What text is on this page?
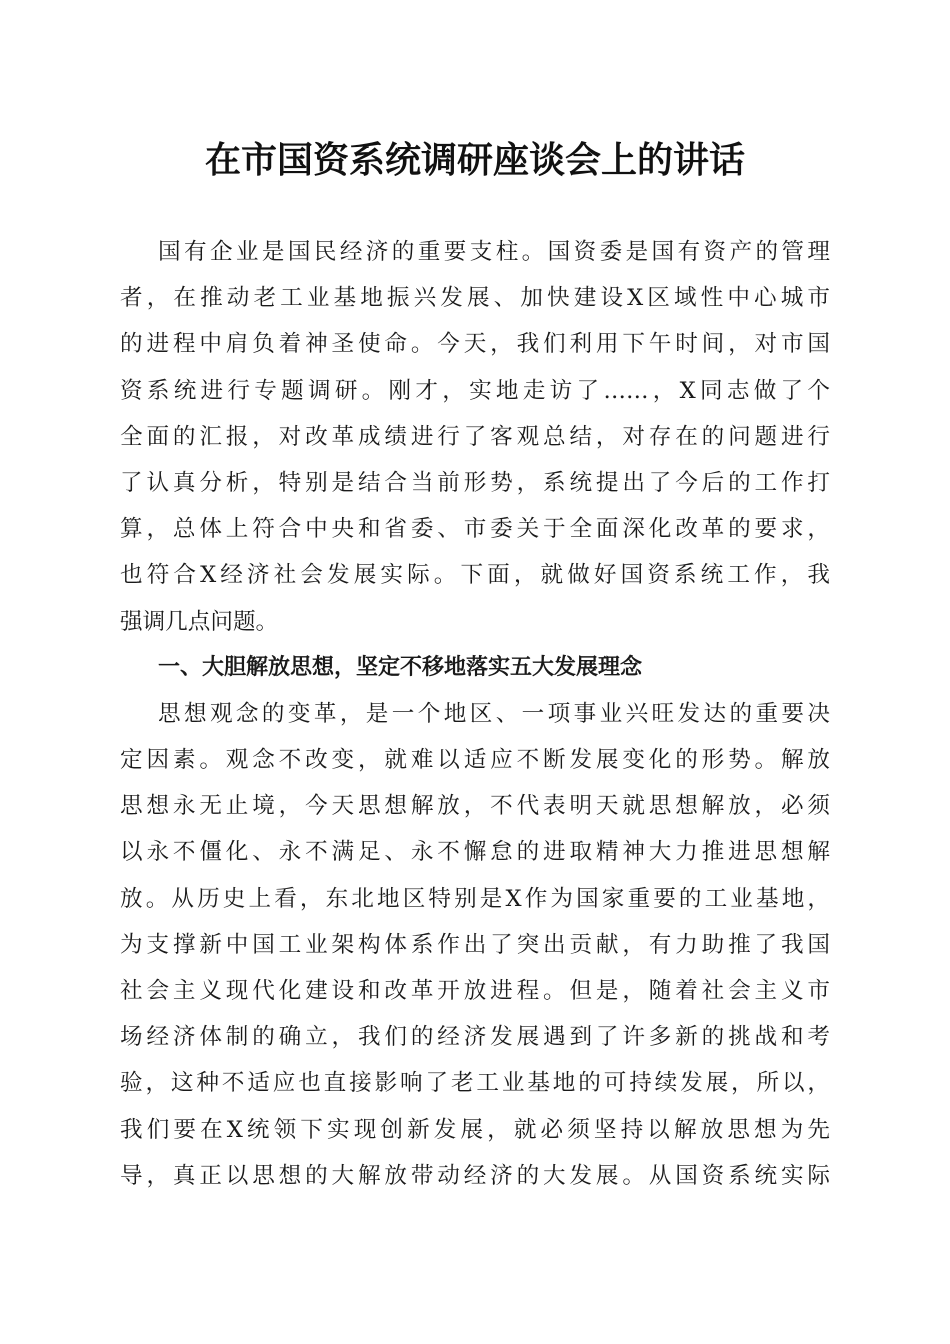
在市国资系统调研座谈会上的讲话
国有企业是国民经济的重要支柱。国资委是国有资产的管理
者，在推动老工业基地振兴发展、加快建设X区域性中心城市
的进程中肩负着神圣使命。今天，我们利用下午时间，对市国
资系统进行专题调研。刚才，实地走访了……，X同志做了个
全面的汇报，对改革成绩进行了客观总结，对存在的问题进行
了认真分析，特别是结合当前形势，系统提出了今后的工作打
算，总体上符合中央和省委、市委关于全面深化改革的要求，
也符合X经济社会发展实际。下面，就做好国资系统工作，我
强调几点问题。
一、大胆解放思想，坚定不移地落实五大发展理念
思想观念的变革，是一个地区、一项事业兴旺发达的重要决
定因素。观念不改变，就难以适应不断发展变化的形势。解放
思想永无止境，今天思想解放，不代表明天就思想解放，必须
以永不僵化、永不满足、永不懈怠的进取精神大力推进思想解
放。从历史上看，东北地区特别是X作为国家重要的工业基地，
为支撑新中国工业架构体系作出了突出贡献，有力助推了我国
社会主义现代化建设和改革开放进程。但是，随着社会主义市
场经济体制的确立，我们的经济发展遇到了许多新的挑战和考
验，这种不适应也直接影响了老工业基地的可持续发展，所以，
我们要在X统领下实现创新发展，就必须坚持以解放思想为先
导，真正以思想的大解放带动经济的大发展。从国资系统实际
